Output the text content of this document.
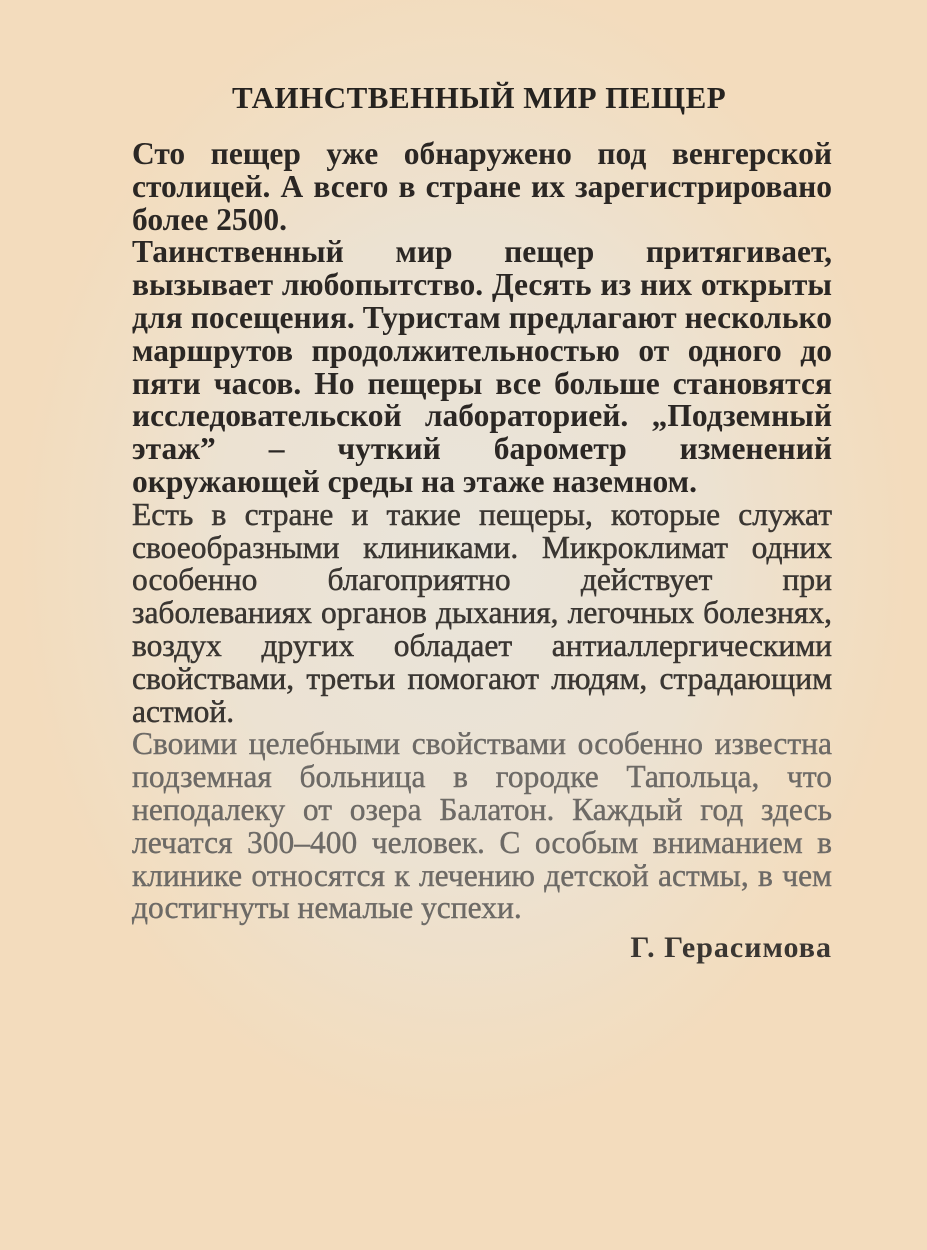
ТАИНСТВЕННЫЙ МИР ПЕЩЕР

Сто пещер уже обнаружено под венгерской столицей. А всего в стране их зарегистрировано более 2500.

Таинственный мир пещер притягивает, вызывает любопытство. Десять из них открыты для посещения. Туристам предлагают несколько маршрутов продолжительностью от одного до пяти часов. Но пещеры все больше становятся исследовательской лабораторией. „Подземный этаж” – чуткий барометр изменений окружающей среды на этаже наземном.

Есть в стране и такие пещеры, которые служат своеобразными клиниками. Микроклимат одних особенно благоприятно действует при заболеваниях органов дыхания, легочных болезнях, воздух других обладает антиаллергическими свойствами, третьи помогают людям, страдающим астмой.

Своими целебными свойствами особенно известна подземная больница в городке Тапольца, что неподалеку от озера Балатон. Каждый год здесь лечатся 300–400 человек. С особым вниманием в клинике относятся к лечению детской астмы, в чем достигнуты немалые успехи.

Г. Герасимова
